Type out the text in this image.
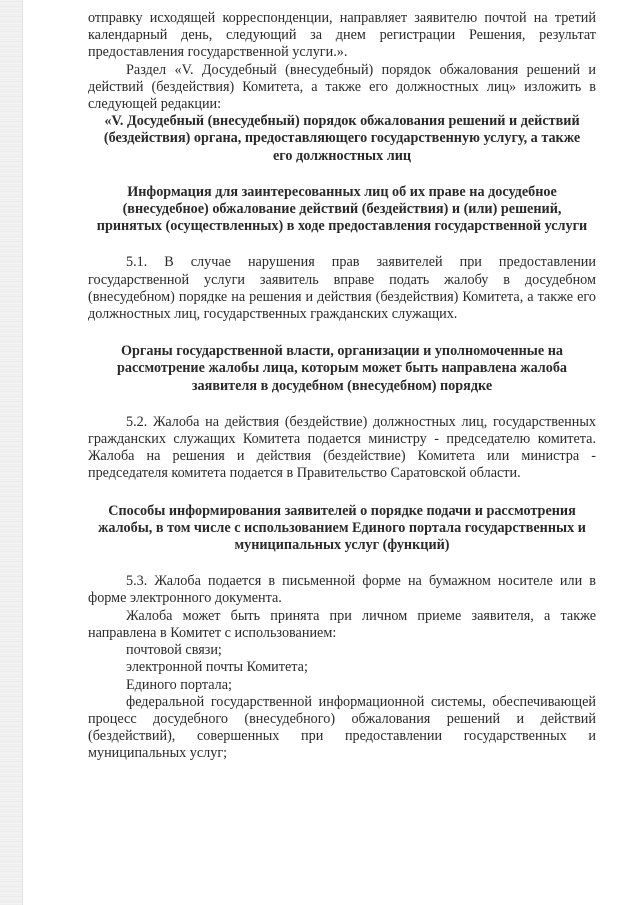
отправку исходящей корреспонденции, направляет заявителю почтой на третий календарный день, следующий за днем регистрации Решения, результат предоставления государственной услуги.».

Раздел «V. Досудебный (внесудебный) порядок обжалования решений и действий (бездействия) Комитета, а также его должностных лиц» изложить в следующей редакции:

«V. Досудебный (внесудебный) порядок обжалования решений и действий (бездействия) органа, предоставляющего государственную услугу, а также его должностных лиц

Информация для заинтересованных лиц об их праве на досудебное (внесудебное) обжалование действий (бездействия) и (или) решений, принятых (осуществленных) в ходе предоставления государственной услуги

5.1. В случае нарушения прав заявителей при предоставлении государственной услуги заявитель вправе подать жалобу в досудебном (внесудебном) порядке на решения и действия (бездействия) Комитета, а также его должностных лиц, государственных гражданских служащих.

Органы государственной власти, организации и уполномоченные на рассмотрение жалобы лица, которым может быть направлена жалоба заявителя в досудебном (внесудебном) порядке

5.2. Жалоба на действия (бездействие) должностных лиц, государственных гражданских служащих Комитета подается министру - председателю комитета. Жалоба на решения и действия (бездействие) Комитета или министра - председателя комитета подается в Правительство Саратовской области.

Способы информирования заявителей о порядке подачи и рассмотрения жалобы, в том числе с использованием Единого портала государственных и муниципальных услуг (функций)

5.3. Жалоба подается в письменной форме на бумажном носителе или в форме электронного документа.

Жалоба может быть принята при личном приеме заявителя, а также направлена в Комитет с использованием:

почтовой связи;

электронной почты Комитета;

Единого портала;

федеральной государственной информационной системы, обеспечивающей процесс досудебного (внесудебного) обжалования решений и действий (бездействий), совершенных при предоставлении государственных и муниципальных услуг;
